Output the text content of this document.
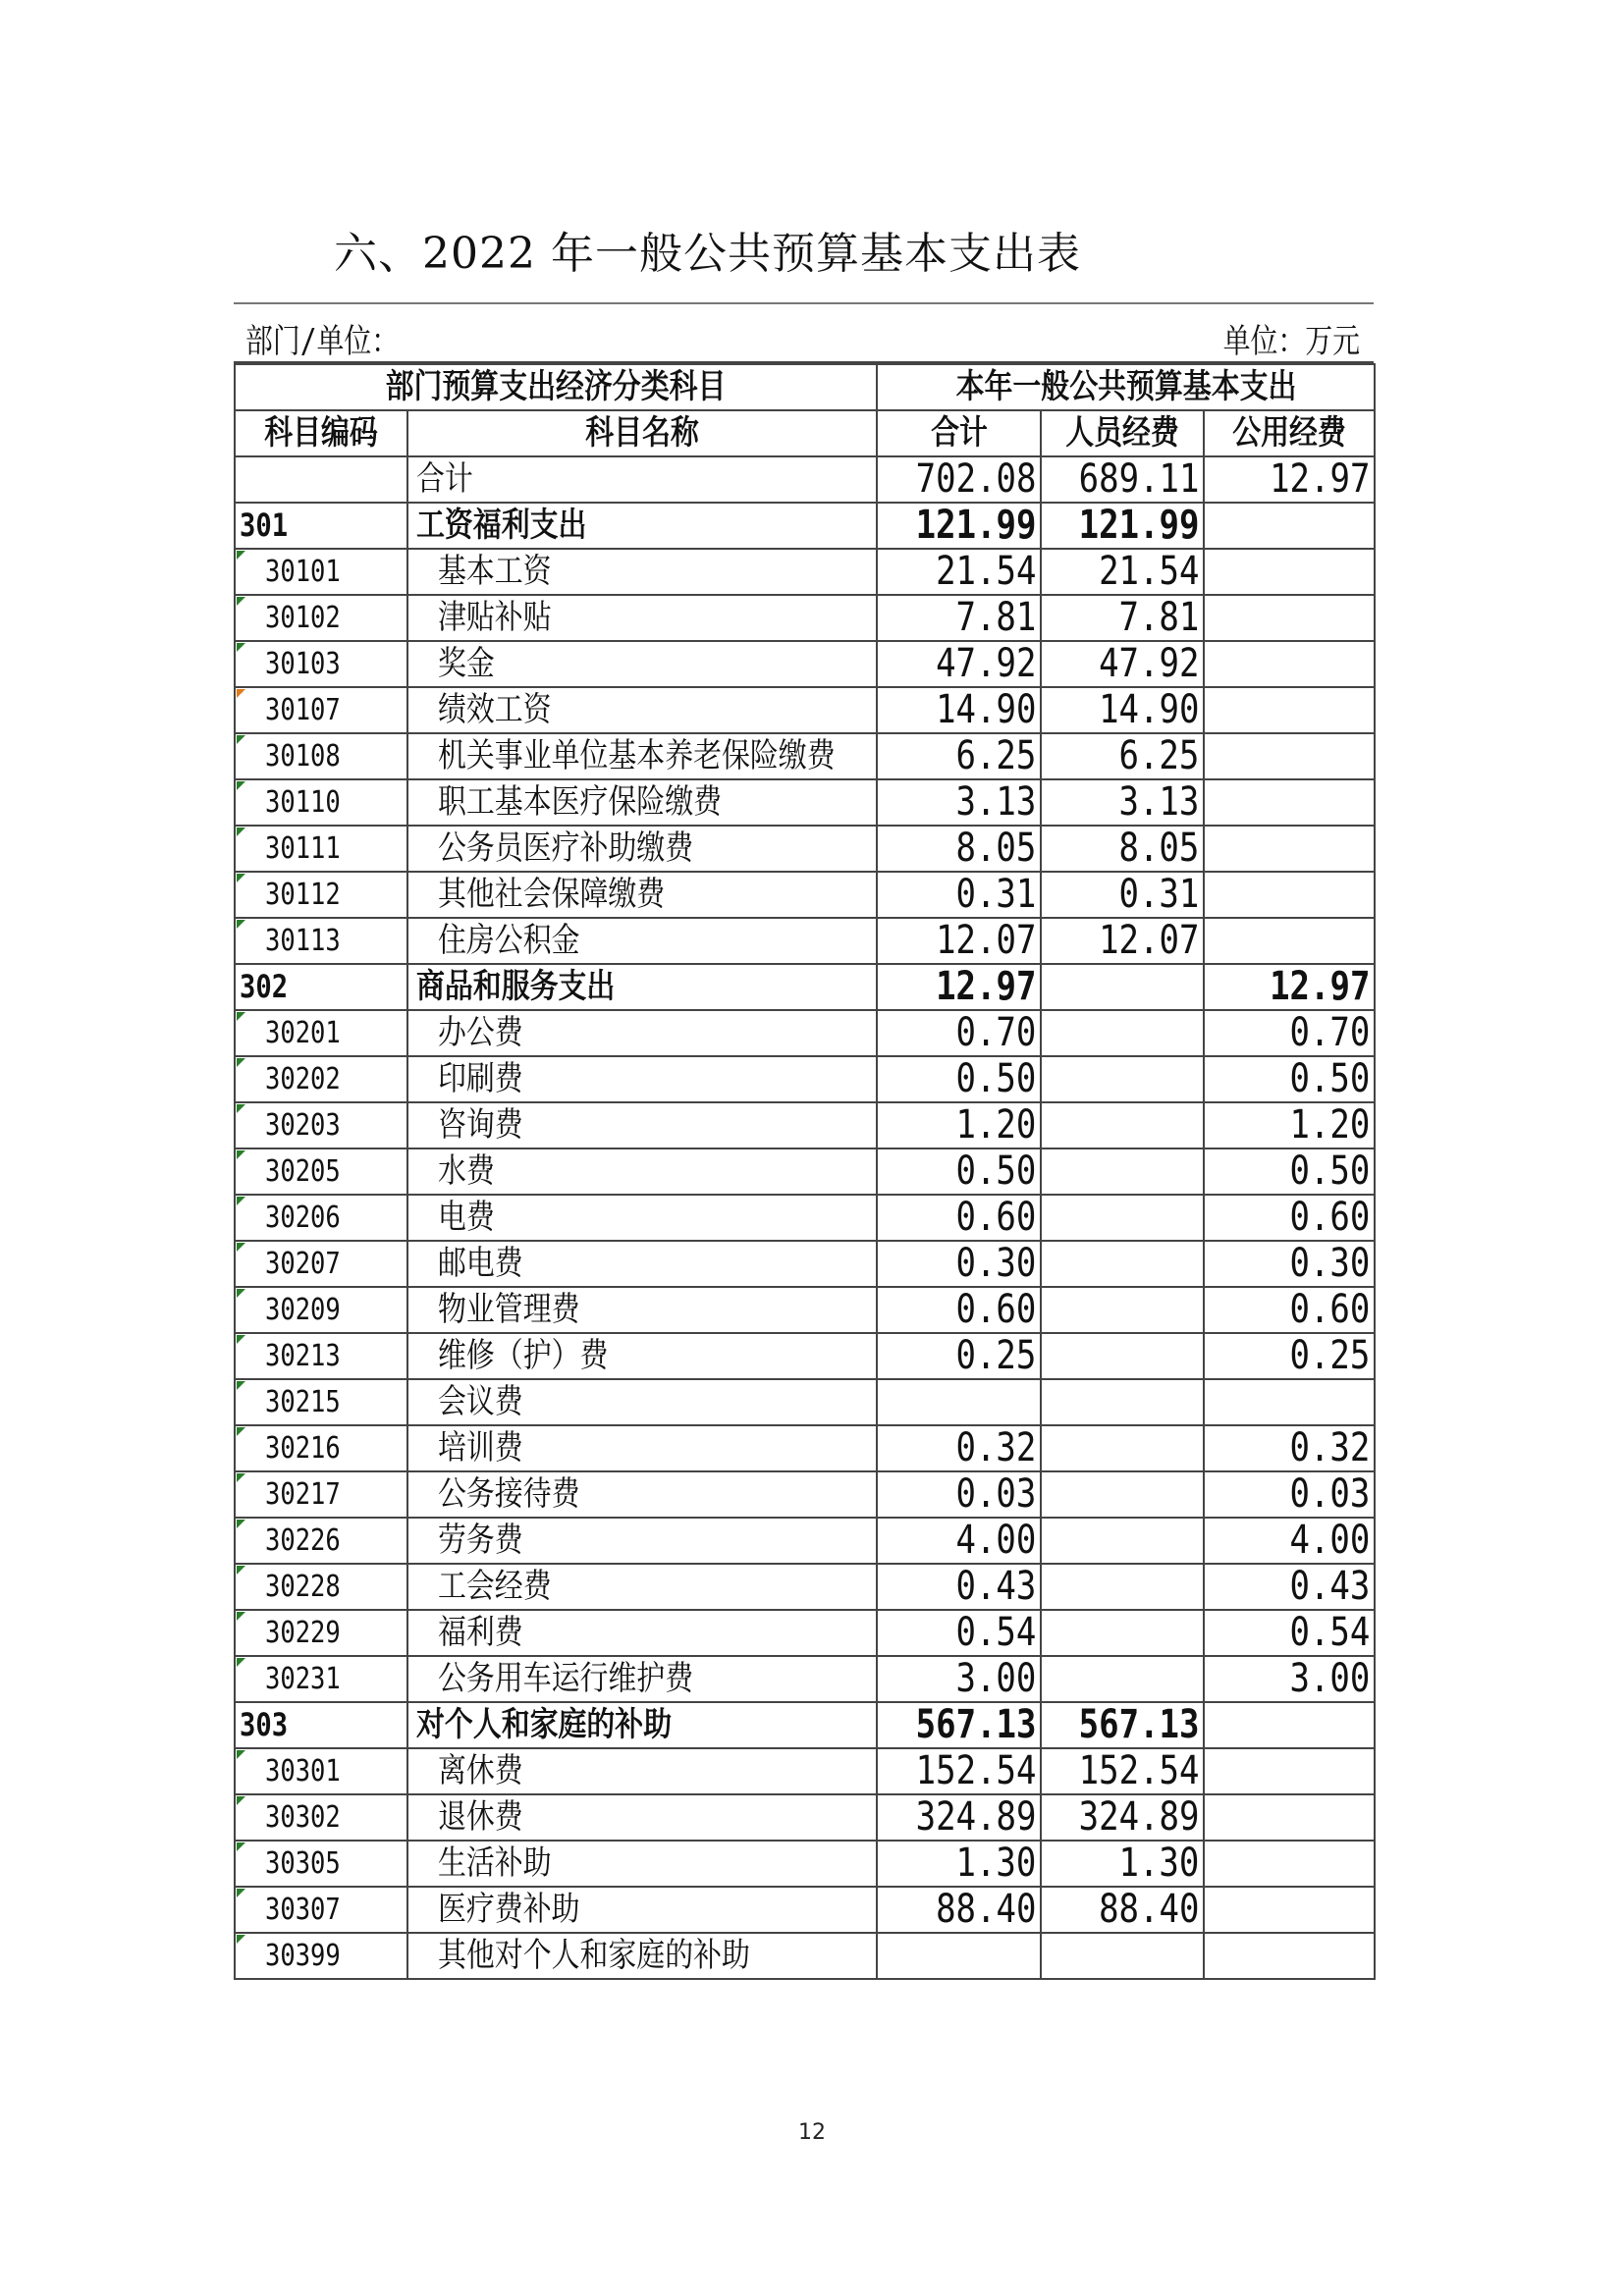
六、2022 年一般公共预算基本支出表
部门/单位：	单位：万元
部门预算支出经济分类科目		本年一般公共预算基本支出		
科目编码	科目名称	合计	人员经费	公用经费
	合计	702.08	689.11	12.97
301	工资福利支出	121.99	121.99	

30101	基本工资	21.54	21.54	

30102	津贴补贴	7.81	7.81	

30103	奖金	47.92	47.92	

30107	绩效工资	14.90	14.90	

30108	机关事业单位基本养老保险缴费	6.25	6.25	

30110	职工基本医疗保险缴费	3.13	3.13	

30111	公务员医疗补助缴费	8.05	8.05	

30112	其他社会保障缴费	0.31	0.31	

30113	住房公积金	12.07	12.07	
302	商品和服务支出	12.97		12.97

30201	办公费	0.70		0.70

30202	印刷费	0.50		0.50

30203	咨询费	1.20		1.20

30205	水费	0.50		0.50

30206	电费	0.60		0.60

30207	邮电费	0.30		0.30

30209	物业管理费	0.60		0.60

30213	维修（护）费	0.25		0.25

30215	会议费			

30216	培训费	0.32		0.32

30217	公务接待费	0.03		0.03

30226	劳务费	4.00		4.00

30228	工会经费	0.43		0.43

30229	福利费	0.54		0.54

30231	公务用车运行维护费	3.00		3.00
303	对个人和家庭的补助	567.13	567.13	

30301	离休费	152.54	152.54	

30302	退休费	324.89	324.89	

30305	生活补助	1.30	1.30	

30307	医疗费补助	88.40	88.40	

30399	其他对个人和家庭的补助			
12
